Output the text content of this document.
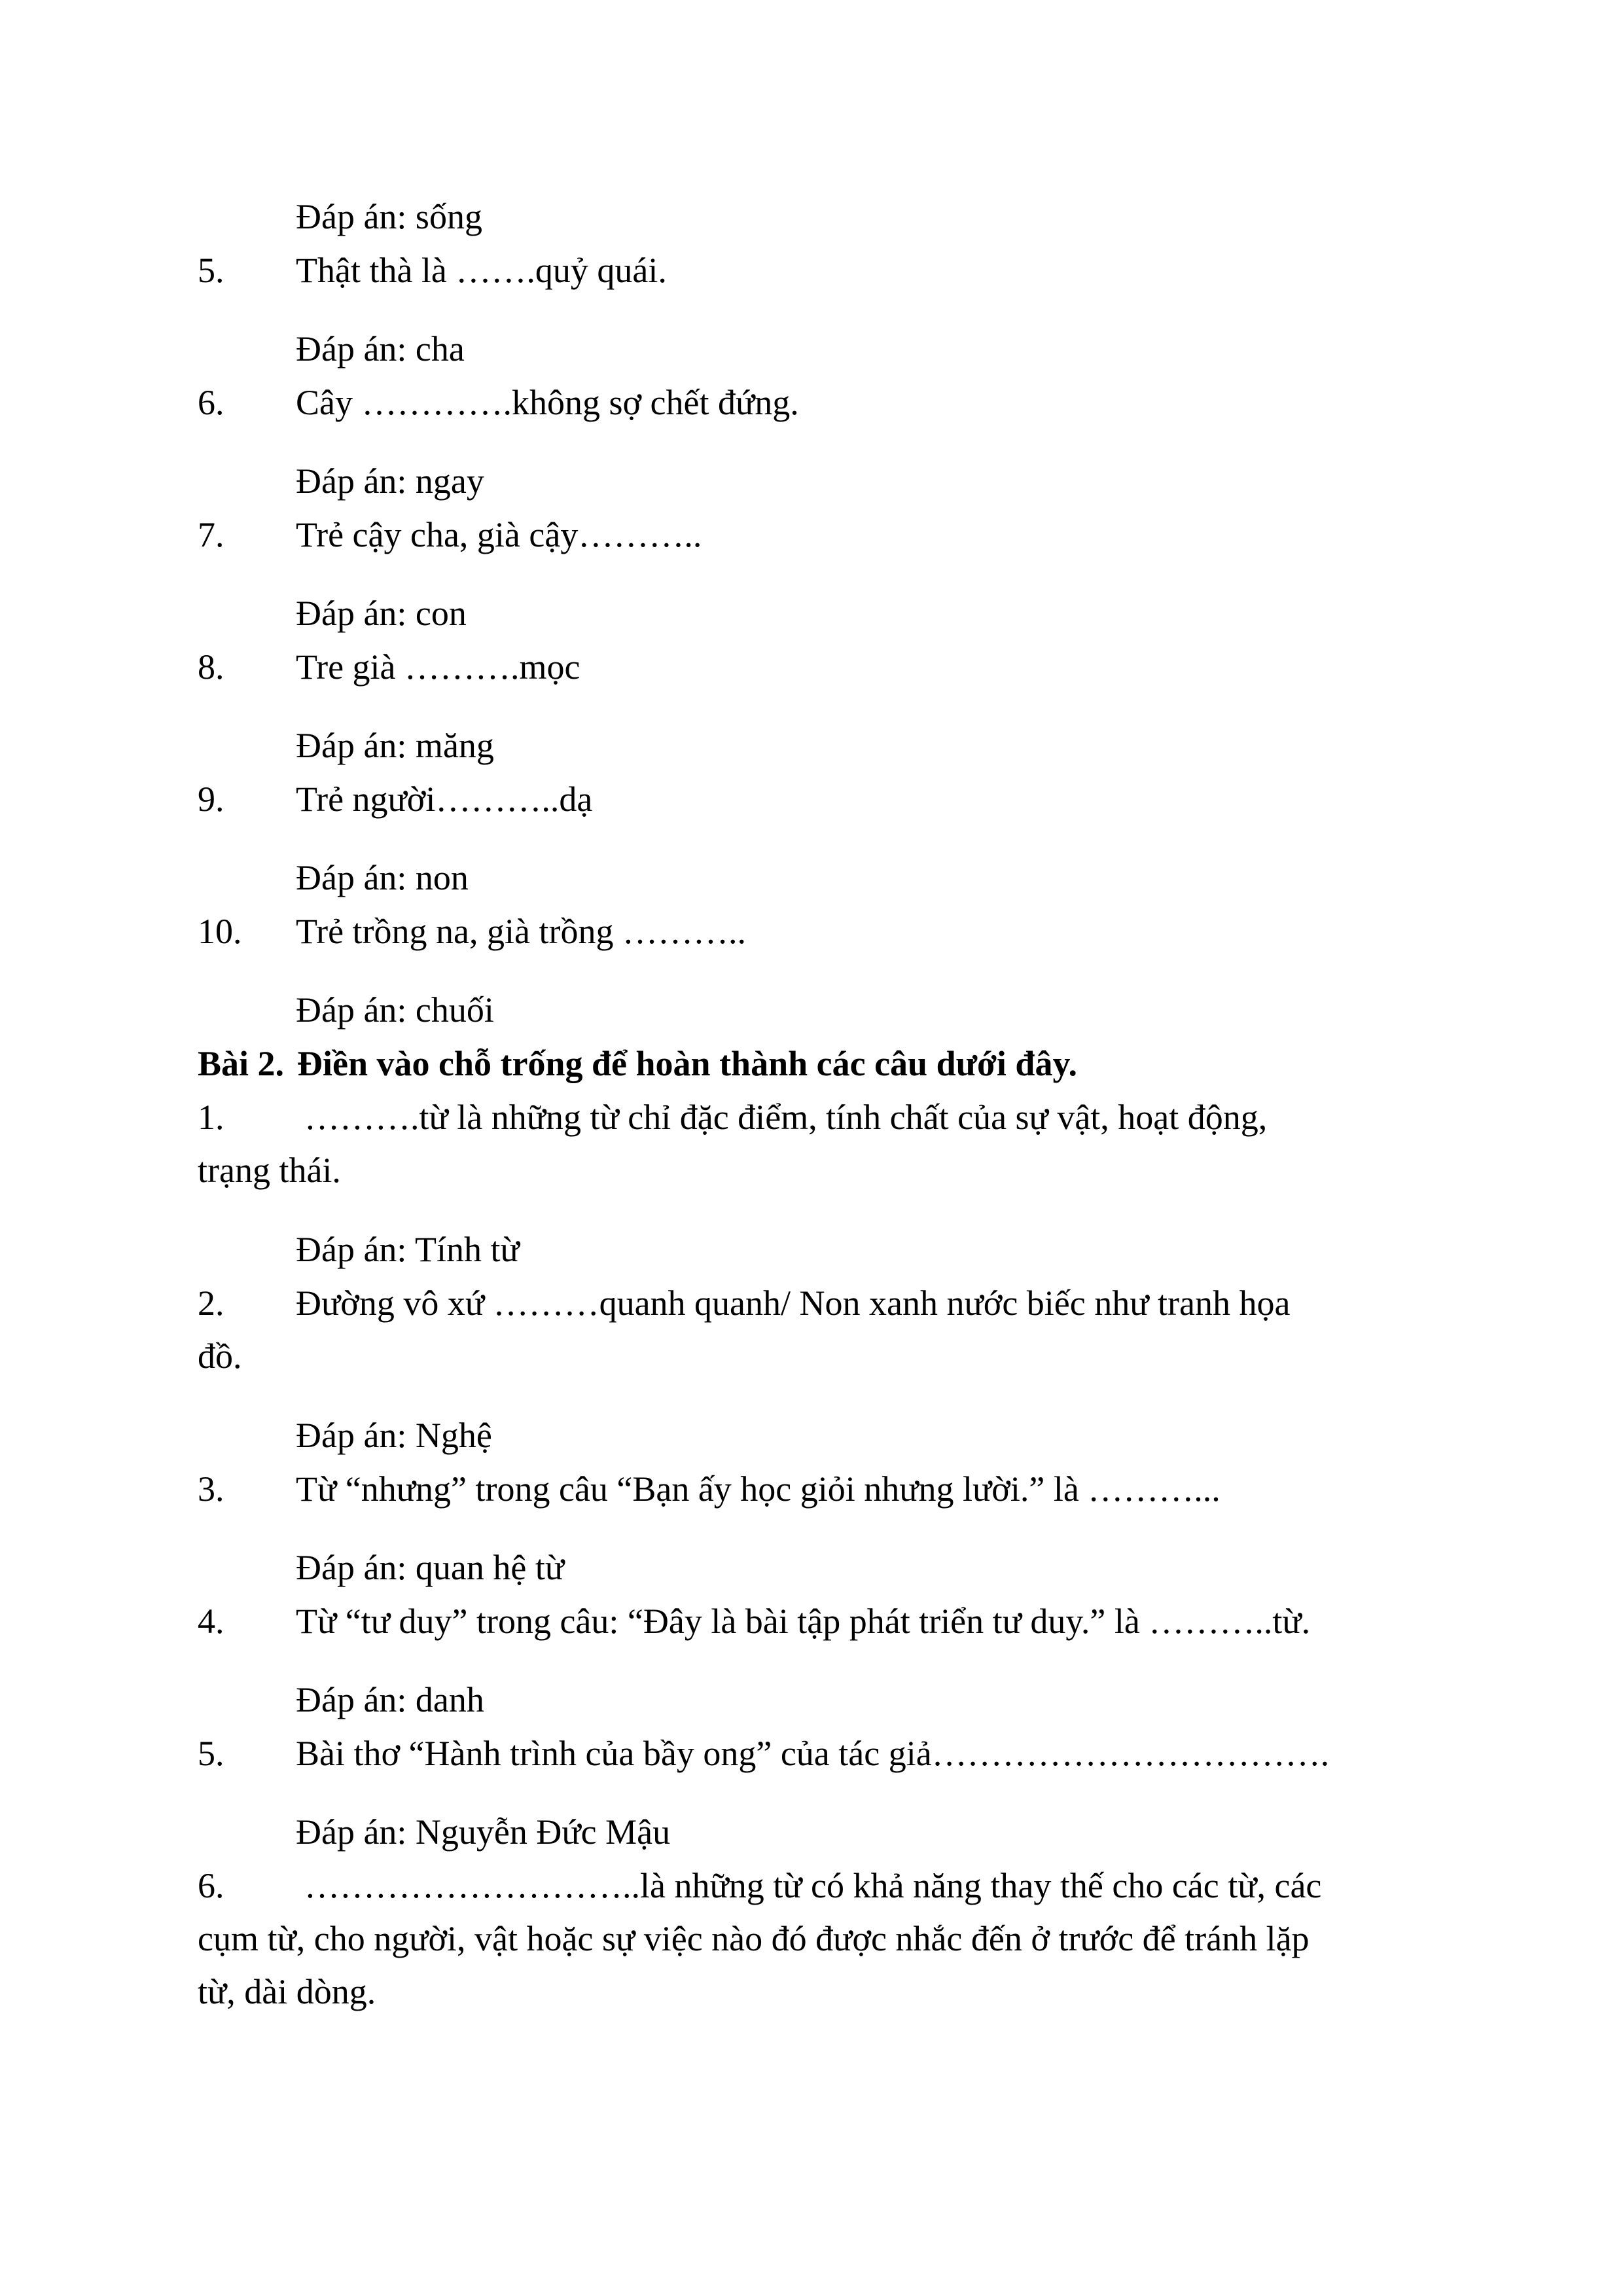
Đáp án: sống
5. Thật thà là …….quỷ quái.
Đáp án: cha
6. Cây ………….không sợ chết đứng.
Đáp án: ngay
7. Trẻ cậy cha, già cậy………..
Đáp án: con
8. Tre già ……….mọc
Đáp án: măng
9. Trẻ người………..dạ
Đáp án: non
10. Trẻ trồng na, già trồng ………..
Đáp án: chuối
Bài 2. Điền vào chỗ trống để hoàn thành các câu dưới đây.
1. ……….từ là những từ chỉ đặc điểm, tính chất của sự vật, hoạt động,
trạng thái.
Đáp án: Tính từ
2. Đường vô xứ ………quanh quanh/ Non xanh nước biếc như tranh họa
đồ.
Đáp án: Nghệ
3. Từ “nhưng” trong câu “Bạn ấy học giỏi nhưng lười.” là ………...
Đáp án: quan hệ từ
4. Từ “tư duy” trong câu: “Đây là bài tập phát triển tư duy.” là ………..từ.
Đáp án: danh
5. Bài thơ “Hành trình của bầy ong” của tác giả…………………………….
Đáp án: Nguyễn Đức Mậu
6. ………………………..là những từ có khả năng thay thế cho các từ, các
cụm từ, cho người, vật hoặc sự việc nào đó được nhắc đến ở trước để tránh lặp
từ, dài dòng.
